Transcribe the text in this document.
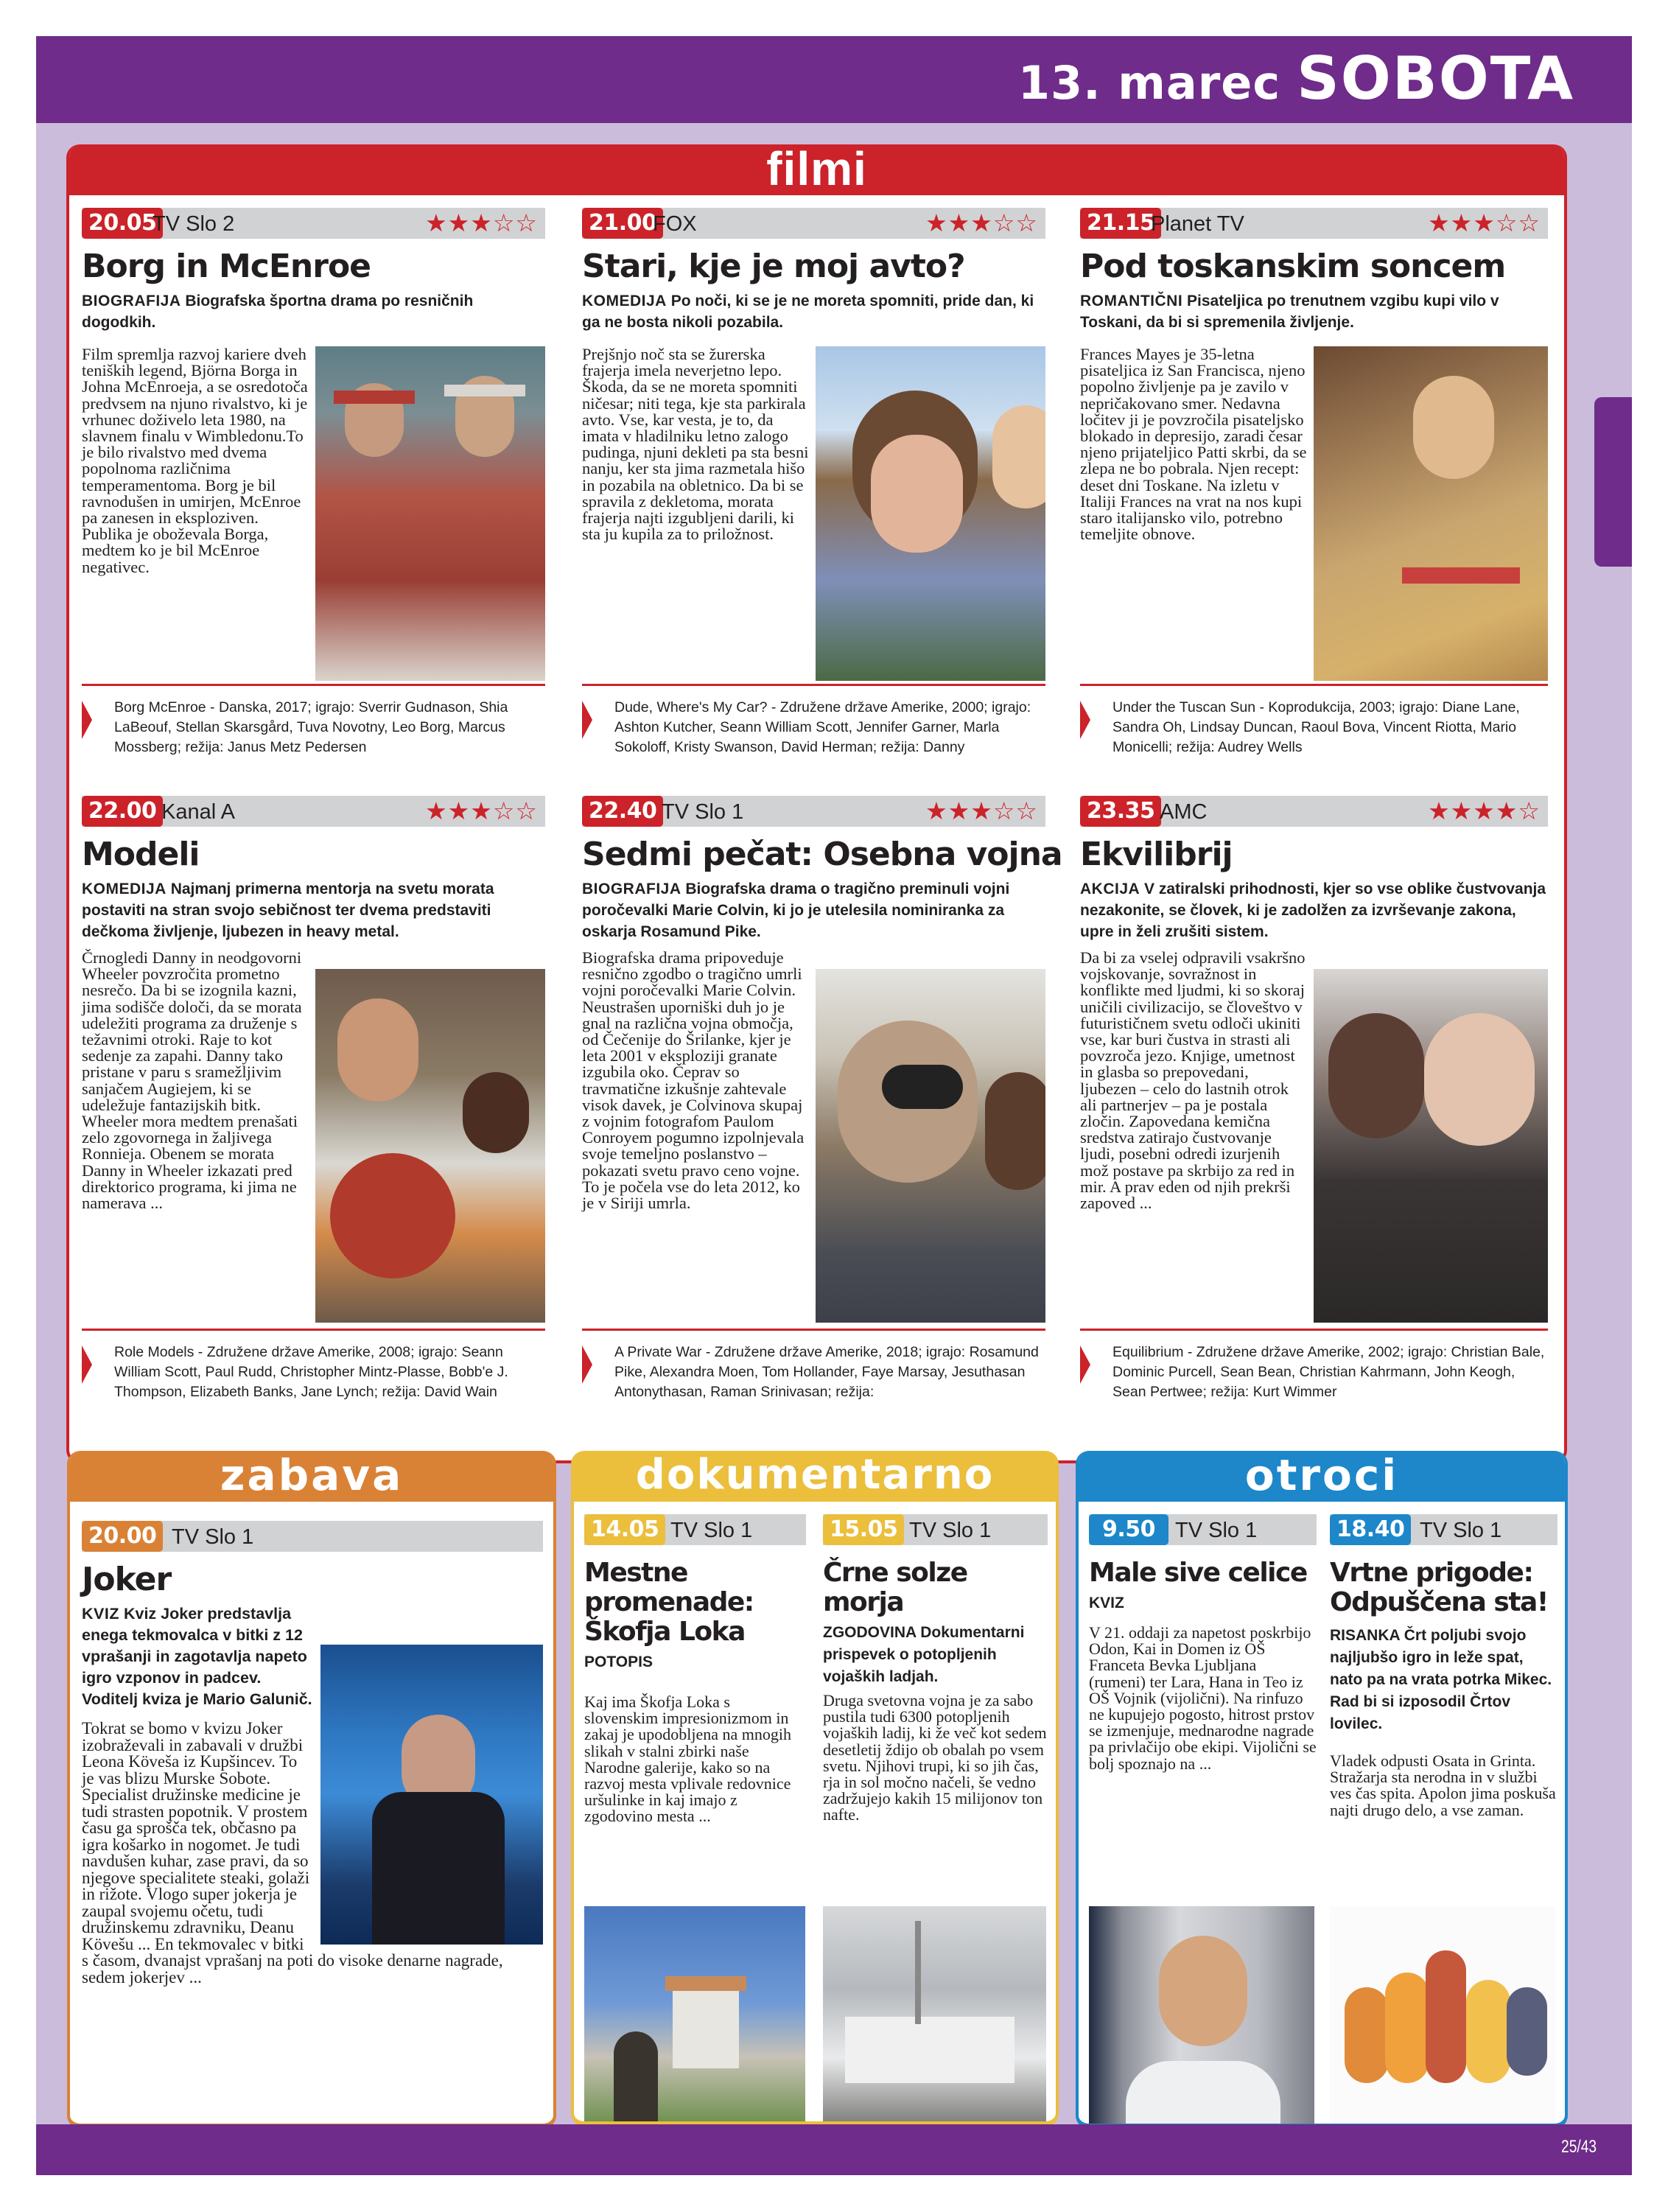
13. marec SOBOTA
filmi
20.05
TV Slo 2	★★★☆☆
Borg in McEnroe
BIOGRAFIJA Biografska športna drama po resničnih dogodkih.
Film spremlja razvoj kariere dveh teniških legend, Björna Borga in Johna McEnroeja, a se osredotoča predvsem na njuno rivalstvo, ki je vrhunec doživelo leta 1980, na slavnem finalu v Wimbledonu.To je bilo rivalstvo med dvema popolnoma različnima temperamentoma. Borg je bil ravnodušen in umirjen, McEnroe pa zanesen in eksploziven. Publika je oboževala Borga, medtem ko je bil McEnroe negativec.
Borg McEnroe - Danska, 2017; igrajo: Sverrir Gudnason, Shia LaBeouf, Stellan Skarsgård, Tuva Novotny, Leo Borg, Marcus Mossberg; režija: Janus Metz Pedersen
21.00
FOX	★★★☆☆
Stari, kje je moj avto?
KOMEDIJA Po noči, ki se je ne moreta spomniti, pride dan, ki ga ne bosta nikoli pozabila.
Prejšnjo noč sta se žurerska frajerja imela neverjetno lepo. Škoda, da se ne moreta spomniti ničesar; niti tega, kje sta parkirala avto. Vse, kar vesta, je to, da imata v hladilniku letno zalogo pudinga, njuni dekleti pa sta besni nanju, ker sta jima razmetala hišo in pozabila na obletnico. Da bi se spravila z dekletoma, morata frajerja najti izgubljeni darili, ki sta ju kupila za to priložnost.
Dude, Where's My Car? - Združene države Amerike, 2000; igrajo: Ashton Kutcher, Seann William Scott, Jennifer Garner, Marla Sokoloff, Kristy Swanson, David Herman; režija: Danny
21.15
Planet TV	★★★☆☆
Pod toskanskim soncem
ROMANTIČNI Pisateljica po trenutnem vzgibu kupi vilo v Toskani, da bi si spremenila življenje.
Frances Mayes je 35-letna pisateljica iz San Francisca, njeno popolno življenje pa je zavilo v nepričakovano smer. Nedavna ločitev ji je povzročila pisateljsko blokado in depresijo, zaradi česar njeno prijateljico Patti skrbi, da se zlepa ne bo pobrala. Njen recept: deset dni Toskane. Na izletu v Italiji Frances na vrat na nos kupi staro italijansko vilo, potrebno temeljite obnove.
Under the Tuscan Sun - Koprodukcija, 2003; igrajo: Diane Lane, Sandra Oh, Lindsay Duncan, Raoul Bova, Vincent Riotta, Mario Monicelli; režija: Audrey Wells
22.00 Kanal A	★★★☆☆
Modeli
KOMEDIJA Najmanj primerna mentorja na svetu morata postaviti na stran svojo sebičnost ter dvema predstaviti dečkoma življenje, ljubezen in heavy metal.
Črnogledi Danny in neodgovorni Wheeler povzročita prometno nesrečo. Da bi se izognila kazni, jima sodišče določi, da se morata udeležiti programa za druženje s težavnimi otroki. Raje to kot sedenje za zapahi. Danny tako pristane v paru s sramežljivim sanjačem Augiejem, ki se udeležuje fantazijskih bitk. Wheeler mora medtem prenašati zelo zgovornega in žaljivega Ronnieja. Obenem se morata Danny in Wheeler izkazati pred direktorico programa, ki jima ne namerava ...
Role Models - Združene države Amerike, 2008; igrajo: Seann William Scott, Paul Rudd, Christopher Mintz-Plasse, Bobb'e J. Thompson, Elizabeth Banks, Jane Lynch; režija: David Wain
22.40 TV Slo 1	★★★☆☆
Sedmi pečat: Osebna vojna
BIOGRAFIJA Biografska drama o tragično preminuli vojni poročevalki Marie Colvin, ki jo je utelesila nominiranka za oskarja Rosamund Pike.
Biografska drama pripoveduje resnično zgodbo o tragično umrli vojni poročevalki Marie Colvin. Neustrašen uporniški duh jo je gnal na različna vojna območja, od Čečenije do Šrilanke, kjer je leta 2001 v eksploziji granate izgubila oko. Čeprav so travmatične izkušnje zahtevale visok davek, je Colvinova skupaj z vojnim fotografom Paulom Conroyem pogumno izpolnjevala svoje temeljno poslanstvo – pokazati svetu pravo ceno vojne. To je počela vse do leta 2012, ko je v Siriji umrla.
A Private War - Združene države Amerike, 2018; igrajo: Rosamund Pike, Alexandra Moen, Tom Hollander, Faye Marsay, Jesuthasan Antonythasan, Raman Srinivasan; režija:
23.35 AMC	★★★★☆
Ekvilibrij
AKCIJA V zatiralski prihodnosti, kjer so vse oblike čustvovanja nezakonite, se človek, ki je zadolžen za izvrševanje zakona, upre in želi zrušiti sistem.
Da bi za vselej odpravili vsakršno vojskovanje, sovražnost in konflikte med ljudmi, ki so skoraj uničili civilizacijo, se človeštvo v futurističnem svetu odloči ukiniti vse, kar buri čustva in strasti ali povzroča jezo. Knjige, umetnost in glasba so prepovedani, ljubezen – celo do lastnih otrok ali partnerjev – pa je postala zločin. Zapovedana kemična sredstva zatirajo čustvovanje ljudi, posebni odredi izurjenih mož postave pa skrbijo za red in mir. A prav eden od njih prekrši zapoved ...
Equilibrium - Združene države Amerike, 2002; igrajo: Christian Bale, Dominic Purcell, Sean Bean, Christian Kahrmann, John Keogh, Sean Pertwee; režija: Kurt Wimmer
zabava
20.00 TV Slo 1
Joker
KVIZ Kviz Joker predstavlja enega tekmovalca v bitki z 12 vprašanji in zagotavlja napeto igro vzponov in padcev. Voditelj kviza je Mario Galunič.
Tokrat se bomo v kvizu Joker izobraževali in zabavali v družbi Leona Köveša iz Kupšincev. To je vas blizu Murske Sobote. Specialist družinske medicine je tudi strasten popotnik. V prostem času ga sprošča tek, občasno pa igra košarko in nogomet. Je tudi navdušen kuhar, zase pravi, da so njegove specialitete steaki, golaži in rižote. Vlogo super jokerja je zaupal svojemu očetu, tudi družinskemu zdravniku, Deanu Kövešu ... En tekmovalec v bitki s časom, dvanajst vprašanj na poti do visoke denarne nagrade, sedem jokerjev ...
dokumentarno
14.05 TV Slo 1
Mestne promenade: Škofja Loka
POTOPIS
Kaj ima Škofja Loka s slovenskim impresionizmom in zakaj je upodobljena na mnogih slikah v stalni zbirki naše Narodne galerije, kako so na razvoj mesta vplivale redovnice uršulinke in kaj imajo z zgodovino mesta ...
15.05 TV Slo 1
Črne solze morja
ZGODOVINA Dokumentarni prispevek o potopljenih vojaških ladjah.
Druga svetovna vojna je za sabo pustila tudi 6300 potopljenih vojaških ladij, ki že več kot sedem desetletij ždijo ob obalah po vsem svetu. Njihovi trupi, ki so jih čas, rja in sol močno načeli, še vedno zadržujejo kakih 15 milijonov ton nafte.
otroci
9.50 TV Slo 1
Male sive celice
KVIZ
V 21. oddaji za napetost poskrbijo Odon, Kai in Domen iz OŠ Franceta Bevka Ljubljana (rumeni) ter Lara, Hana in Teo iz OŠ Vojnik (vijolični). Na rinfuzo ne kupujejo pogosto, hitrost prstov se izmenjuje, mednarodne nagrade pa privlačijo obe ekipi. Vijolični se bolj spoznajo na ...
18.40 TV Slo 1
Vrtne prigode: Odpuščena sta!
RISANKA Črt poljubi svojo najljubšo igro in leže spat, nato pa na vrata potrka Mikec. Rad bi si izposodil Črtov lovilec.
Vladek odpusti Osata in Grinta. Stražarja sta nerodna in v službi ves čas spita. Apolon jima poskuša najti drugo delo, a vse zaman.
25/43
